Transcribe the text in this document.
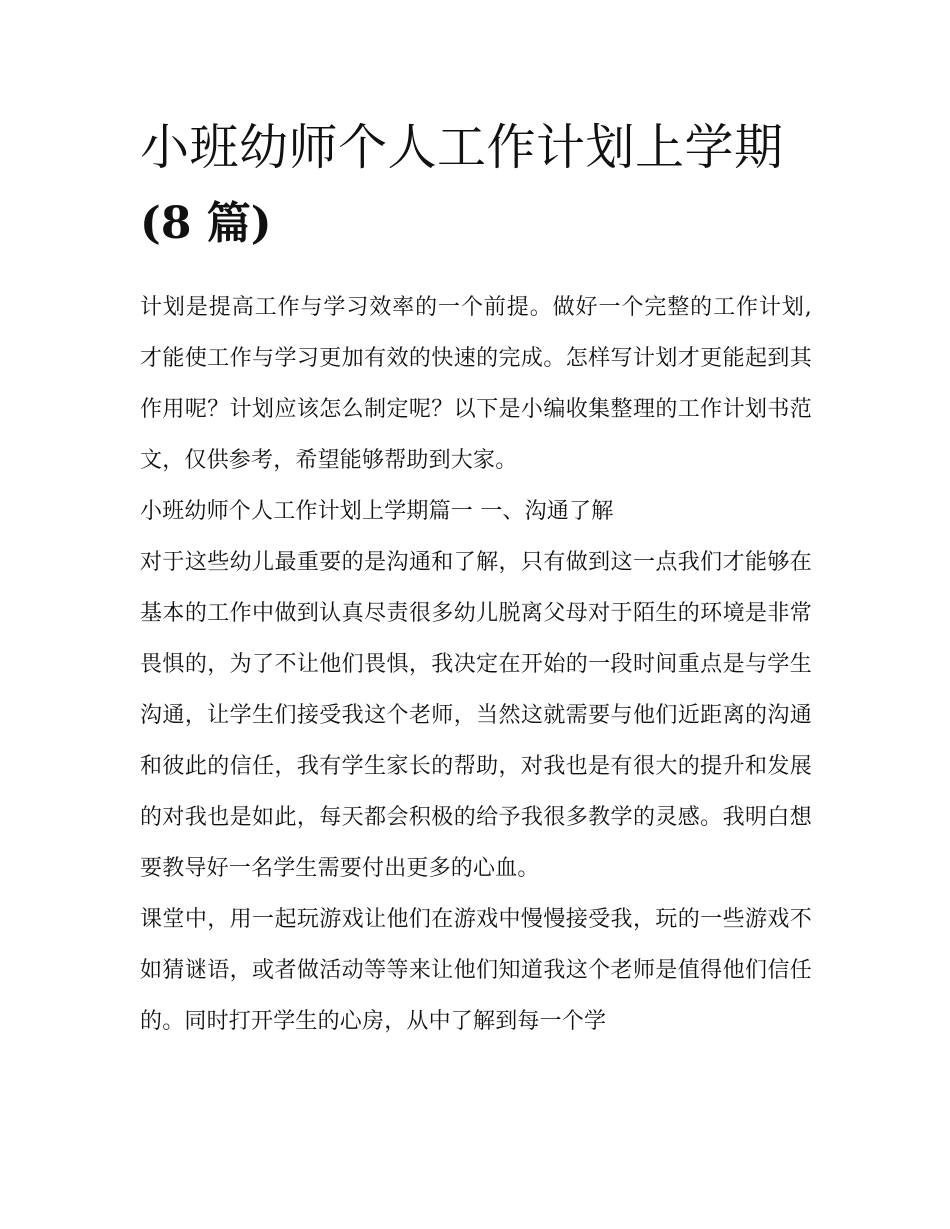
小班幼师个人工作计划上学期
(8 篇)

计划是提高工作与学习效率的一个前提。做好一个完整的工作计划,才能使工作与学习更加有效的快速的完成。怎样写计划才更能起到其作用呢？计划应该怎么制定呢？以下是小编收集整理的工作计划书范文，仅供参考，希望能够帮助到大家。

小班幼师个人工作计划上学期篇一 一、沟通了解

对于这些幼儿最重要的是沟通和了解，只有做到这一点我们才能够在基本的工作中做到认真尽责很多幼儿脱离父母对于陌生的环境是非常畏惧的，为了不让他们畏惧，我决定在开始的一段时间重点是与学生沟通，让学生们接受我这个老师，当然这就需要与他们近距离的沟通和彼此的信任，我有学生家长的帮助，对我也是有很大的提升和发展的对我也是如此，每天都会积极的给予我很多教学的灵感。我明白想要教导好一名学生需要付出更多的心血。

课堂中，用一起玩游戏让他们在游戏中慢慢接受我，玩的一些游戏不如猜谜语，或者做活动等等来让他们知道我这个老师是值得他们信任的。同时打开学生的心房，从中了解到每一个学
